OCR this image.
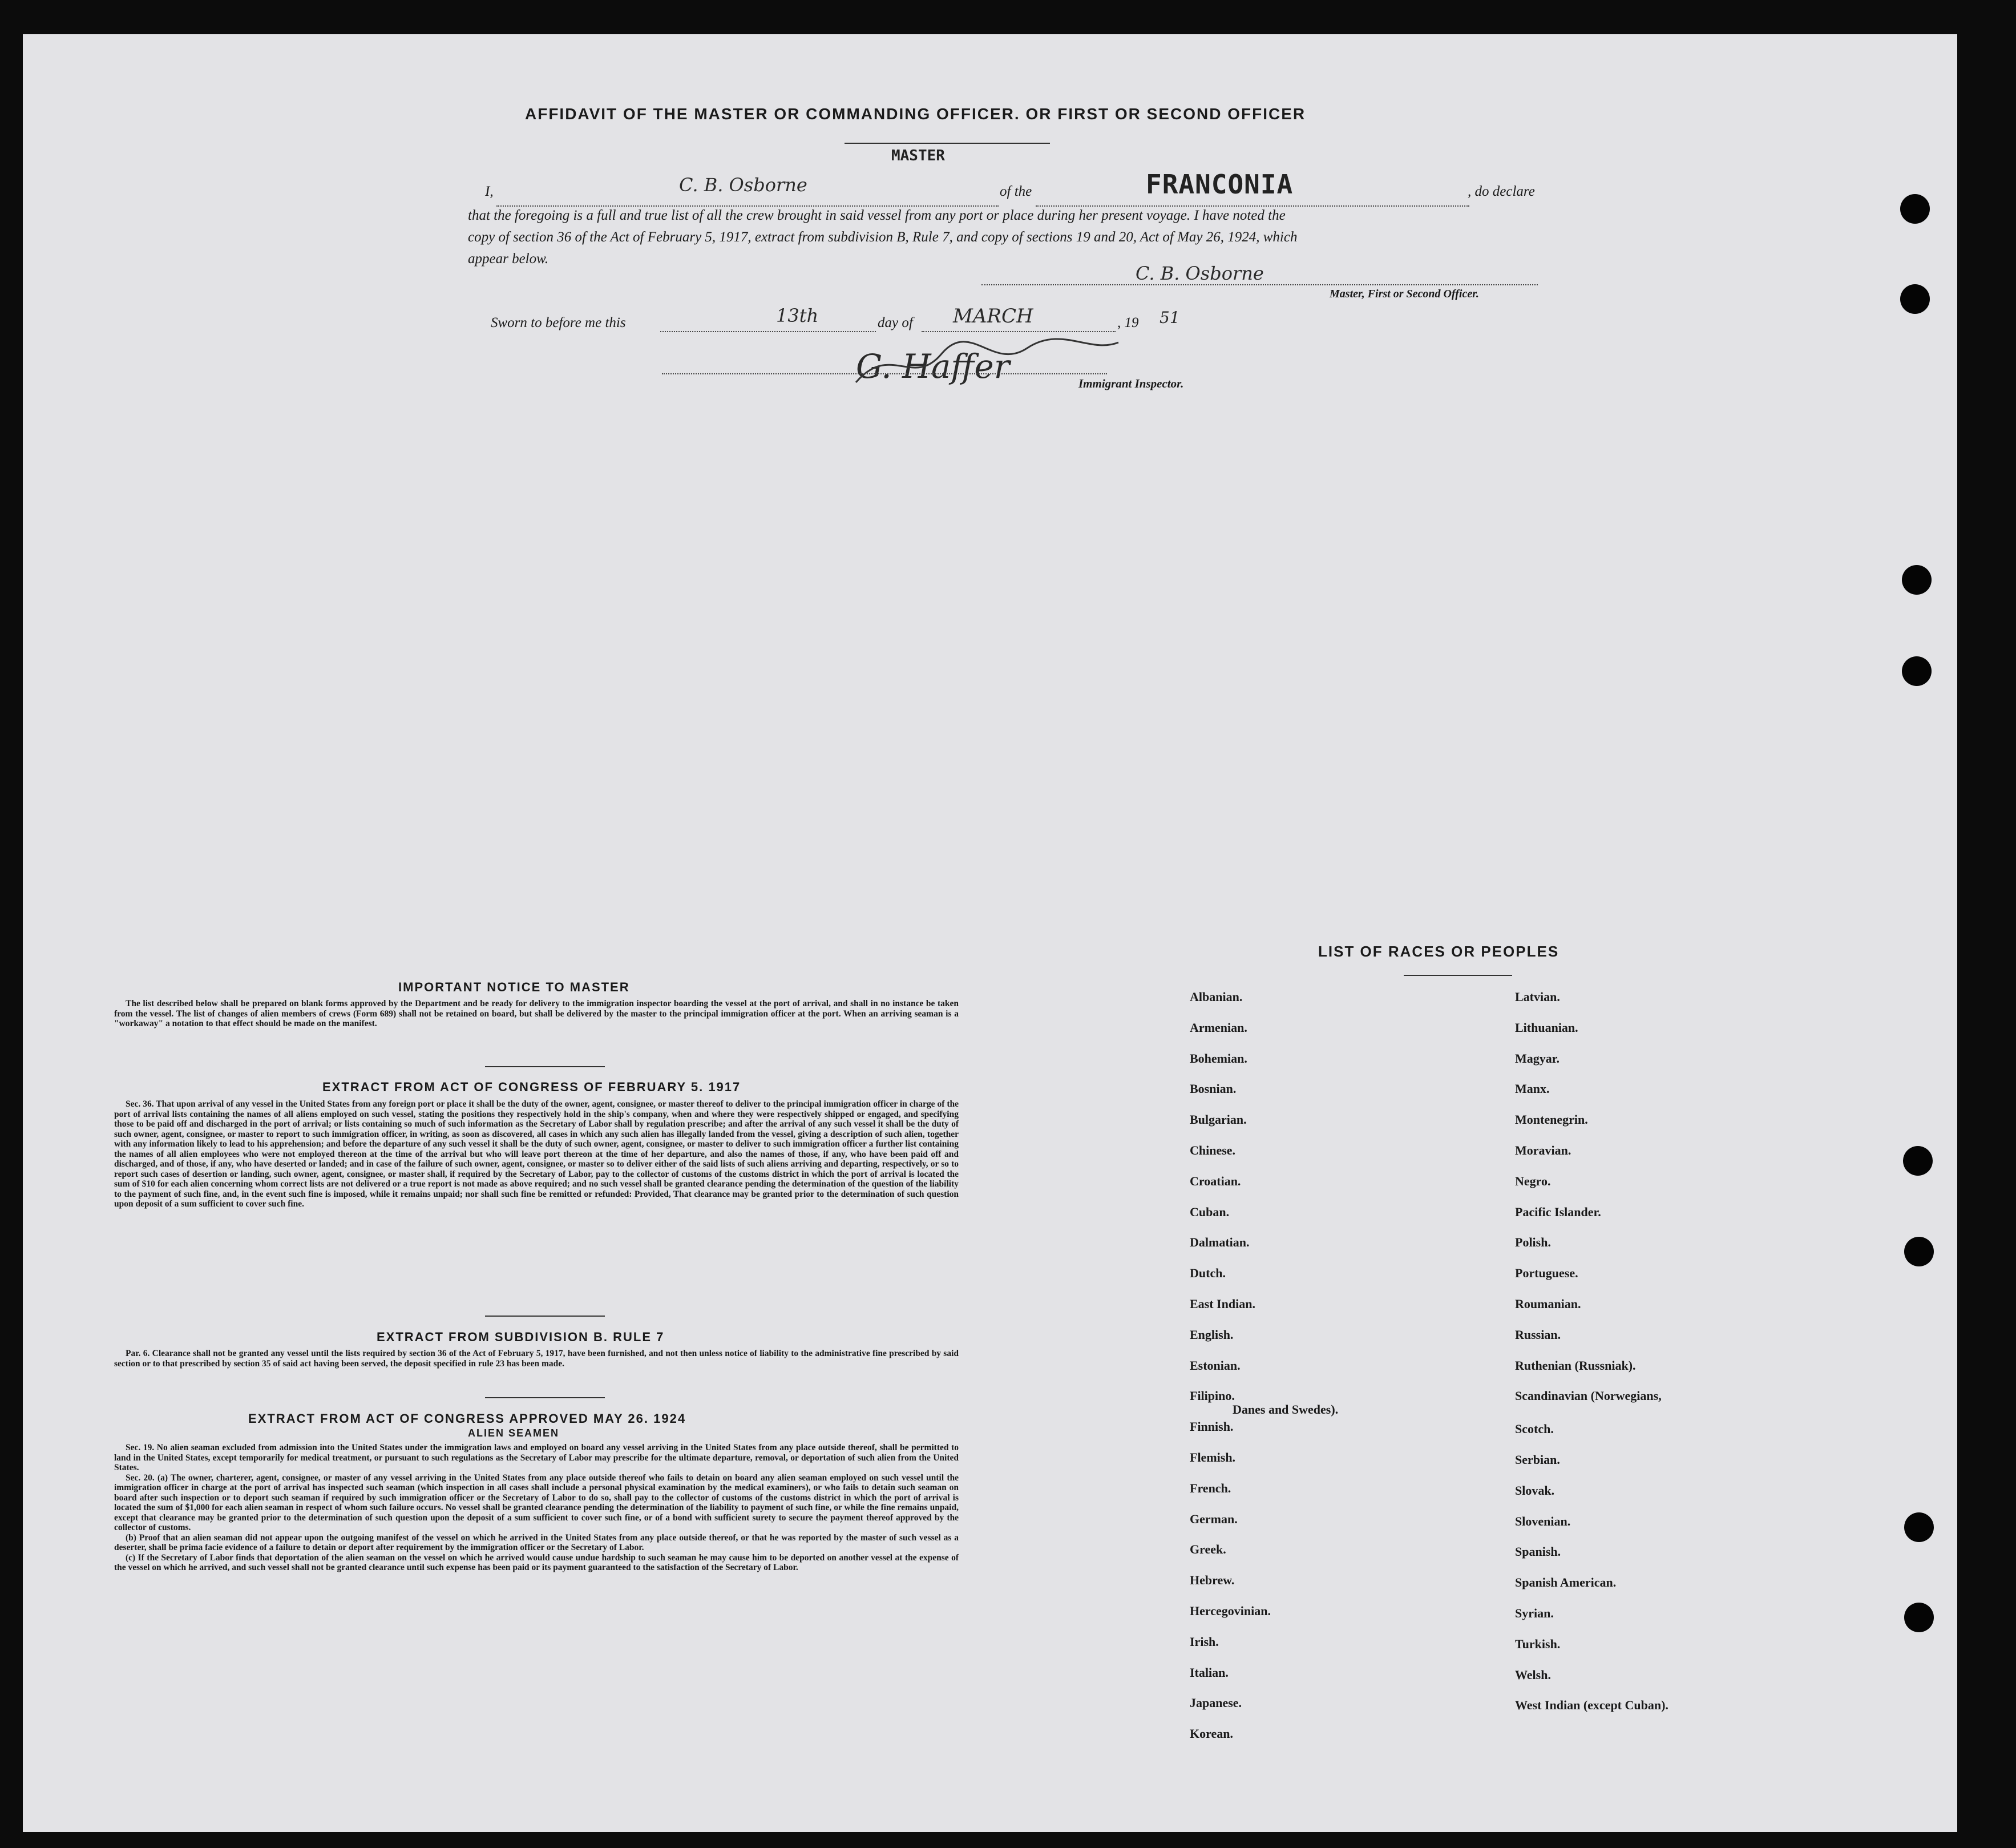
AFFIDAVIT OF THE MASTER OR COMMANDING OFFICER. OR FIRST OR SECOND OFFICER
I,	C. B. Osborne
MASTER
of the	FRANCONIA	, do declare
that the foregoing is a full and true list of all the crew brought in said vessel from any port or place during her present voyage. I have noted the
copy of section 36 of the Act of February 5, 1917, extract from subdivision B, Rule 7, and copy of sections 19 and 20, Act of May 26, 1924, which
appear below.
C. B. Osborne
Master, First or Second Officer.
Sworn to before me this	13th	day of MARCH	, 19 51
G. Haffer	Immigrant Inspector.
IMPORTANT NOTICE TO MASTER

The list described below shall be prepared on blank forms approved by the Department and be ready for delivery to the immigration inspector boarding the vessel at the port of arrival, and shall in no instance be taken from the vessel. The list of changes of alien members of crews (Form 689) shall not be retained on board, but shall be delivered by the master to the principal immigration officer at the port. When an arriving seaman is a "workaway" a notation to that effect should be made on the manifest.

EXTRACT FROM ACT OF CONGRESS OF FEBRUARY 5. 1917

Sec. 36. That upon arrival of any vessel in the United States from any foreign port or place it shall be the duty of the owner, agent, consignee, or master thereof to deliver to the principal immigration officer in charge of the port of arrival lists containing the names of all aliens employed on such vessel, stating the positions they respectively hold in the ship's company, when and where they were respectively shipped or engaged, and specifying those to be paid off and discharged in the port of arrival; or lists containing so much of such information as the Secretary of Labor shall by regulation prescribe; and after the arrival of any such vessel it shall be the duty of such owner, agent, consignee, or master to report to such immigration officer, in writing, as soon as discovered, all cases in which any such alien has illegally landed from the vessel, giving a description of such alien, together with any information likely to lead to his apprehension; and before the departure of any such vessel it shall be the duty of such owner, agent, consignee, or master to deliver to such immigration officer a further list containing the names of all alien employees who were not employed thereon at the time of the arrival but who will leave port thereon at the time of her departure, and also the names of those, if any, who have been paid off and discharged, and of those, if any, who have deserted or landed; and in case of the failure of such owner, agent, consignee, or master so to deliver either of the said lists of such aliens arriving and departing, respectively, or so to report such cases of desertion or landing, such owner, agent, consignee, or master shall, if required by the Secretary of Labor, pay to the collector of customs of the customs district in which the port of arrival is located the sum of $10 for each alien concerning whom correct lists are not delivered or a true report is not made as above required; and no such vessel shall be granted clearance pending the determination of the question of the liability to the payment of such fine, and, in the event such fine is imposed, while it remains unpaid; nor shall such fine be remitted or refunded: Provided, That clearance may be granted prior to the determination of such question upon deposit of a sum sufficient to cover such fine.

EXTRACT FROM SUBDIVISION B. RULE 7

Par. 6. Clearance shall not be granted any vessel until the lists required by section 36 of the Act of February 5, 1917, have been furnished, and not then unless notice of liability to the administrative fine prescribed by said section or to that prescribed by section 35 of said act having been served, the deposit specified in rule 23 has been made.

EXTRACT FROM ACT OF CONGRESS APPROVED MAY 26. 1924
ALIEN SEAMEN

Sec. 19. No alien seaman excluded from admission into the United States under the immigration laws and employed on board any vessel arriving in the United States from any place outside thereof, shall be permitted to land in the United States, except temporarily for medical treatment, or pursuant to such regulations as the Secretary of Labor may prescribe for the ultimate departure, removal, or deportation of such alien from the United States.

Sec. 20. (a) The owner, charterer, agent, consignee, or master of any vessel arriving in the United States from any place outside thereof who fails to detain on board any alien seaman employed on such vessel until the immigration officer in charge at the port of arrival has inspected such seaman (which inspection in all cases shall include a personal physical examination by the medical examiners), or who fails to detain such seaman on board after such inspection or to deport such seaman if required by such immigration officer or the Secretary of Labor to do so, shall pay to the collector of customs of the customs district in which the port of arrival is located the sum of $1,000 for each alien seaman in respect of whom such failure occurs. No vessel shall be granted clearance pending the determination of the liability to payment of such fine, or while the fine remains unpaid, except that clearance may be granted prior to the determination of such question upon the deposit of a sum sufficient to cover such fine, or of a bond with sufficient surety to secure the payment thereof approved by the collector of customs.

(b) Proof that an alien seaman did not appear upon the outgoing manifest of the vessel on which he arrived in the United States from any place outside thereof, or that he was reported by the master of such vessel as a deserter, shall be prima facie evidence of a failure to detain or deport after requirement by the immigration officer or the Secretary of Labor.

(c) If the Secretary of Labor finds that deportation of the alien seaman on the vessel on which he arrived would cause undue hardship to such seaman he may cause him to be deported on another vessel at the expense of the vessel on which he arrived, and such vessel shall not be granted clearance until such expense has been paid or its payment guaranteed to the satisfaction of the Secretary of Labor.

LIST OF RACES OR PEOPLES
Albanian.
Armenian.
Bohemian.
Bosnian.
Bulgarian.
Chinese.
Croatian.
Cuban.
Dalmatian.
Dutch.
East Indian.
English.
Estonian.
Filipino.
Finnish.
Flemish.
French.
German.
Greek.
Hebrew.
Hercegovinian.
Irish.
Italian.
Japanese.
Korean.
Latvian.
Lithuanian.
Magyar.
Manx.
Montenegrin.
Moravian.
Negro.
Pacific Islander.
Polish.
Portuguese.
Roumanian.
Russian.
Ruthenian (Russniak).
Scandinavian (Norwegians,
Danes and Swedes).
Scotch.
Serbian.
Slovak.
Slovenian.
Spanish.
Spanish American.
Syrian.
Turkish.
Welsh.
West Indian (except Cuban).
